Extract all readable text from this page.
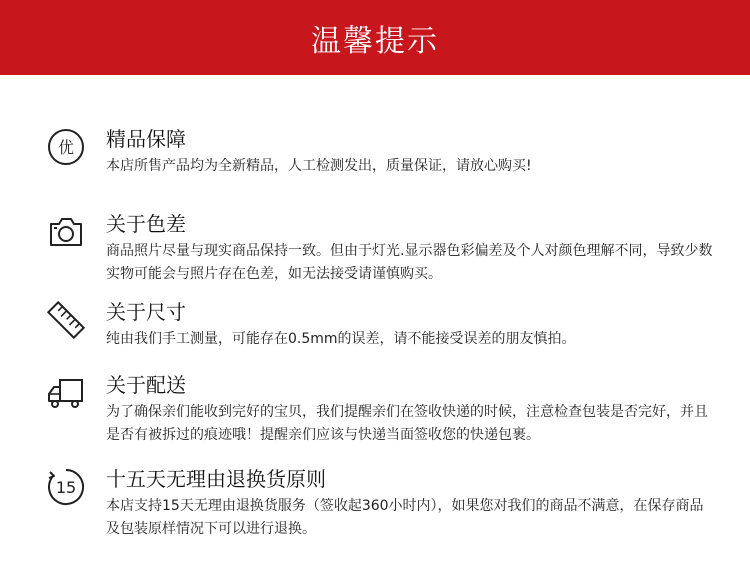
温馨提示
优 精品保障
本店所售产品均为全新精品，人工检测发出，质量保证，请放心购买!
关于色差
商品照片尽量与现实商品保持一致。但由于灯光.显示器色彩偏差及个人对颜色理解不同，导致少数实物可能会与照片存在色差，如无法接受请谨慎购买。
关于尺寸
纯由我们手工测量，可能存在0.5mm的误差，请不能接受误差的朋友慎拍。
关于配送
为了确保亲们能收到完好的宝贝，我们提醒亲们在签收快递的时候，注意检查包装是否完好，并且是否有被拆过的痕迹哦！提醒亲们应该与快递当面签收您的快递包裹。
15 十五天无理由退换货原则
本店支持15天无理由退换货服务（签收起360小时内），如果您对我们的商品不满意，在保存商品及包装原样情况下可以进行退换。
